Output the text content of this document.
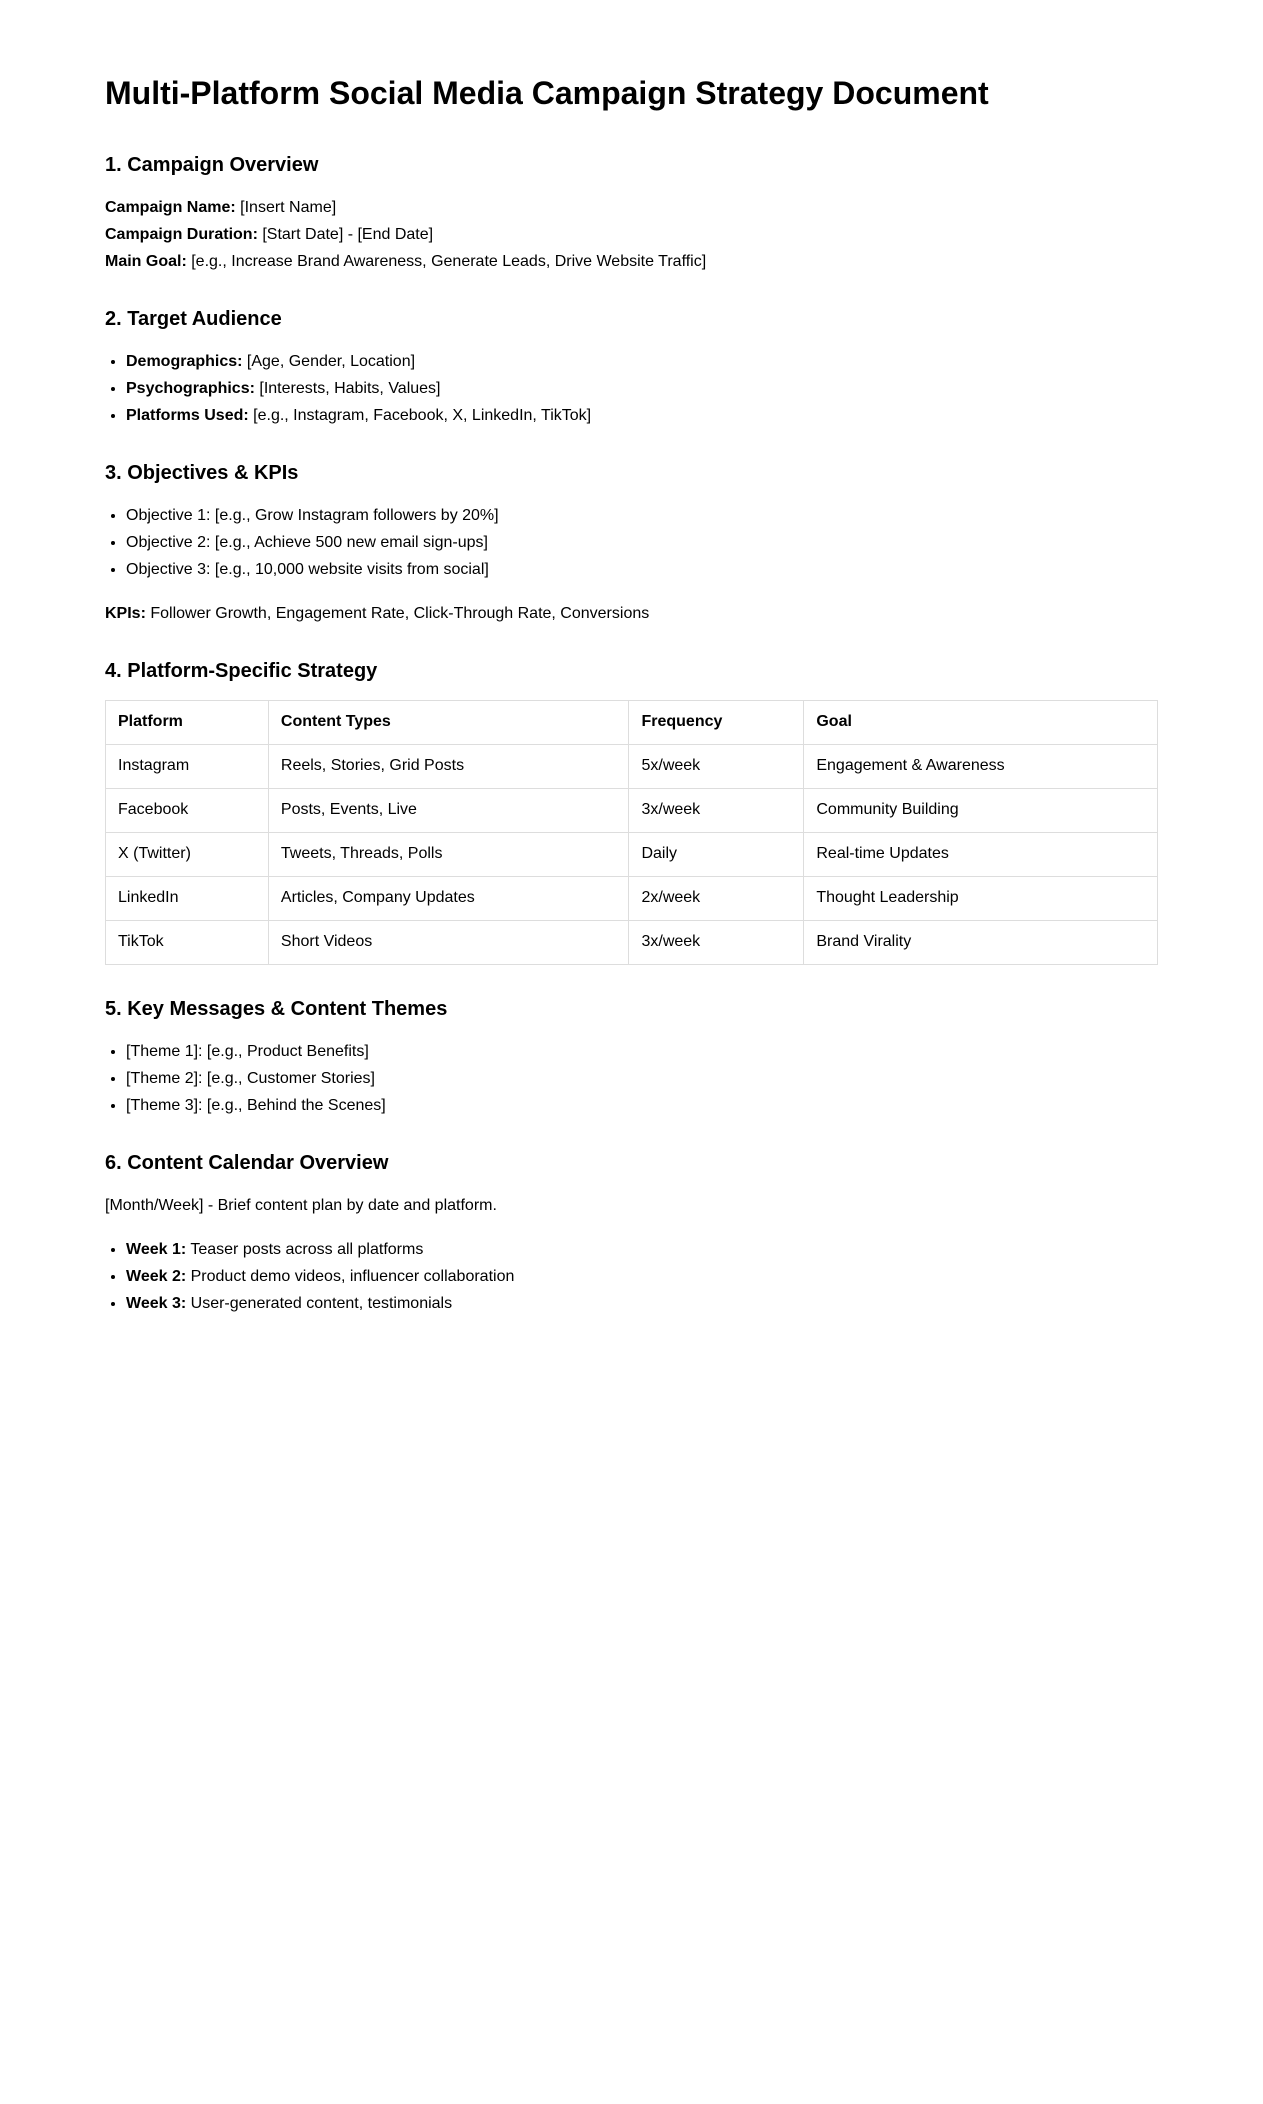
Multi-Platform Social Media Campaign Strategy Document
1. Campaign Overview

Campaign Name: [Insert Name]
Campaign Duration: [Start Date] - [End Date]
Main Goal: [e.g., Increase Brand Awareness, Generate Leads, Drive Website Traffic]

2. Target Audience
• Demographics: [Age, Gender, Location]
• Psychographics: [Interests, Habits, Values]
• Platforms Used: [e.g., Instagram, Facebook, X, LinkedIn, TikTok]
3. Objectives & KPIs
• Objective 1: [e.g., Grow Instagram followers by 20%]
• Objective 2: [e.g., Achieve 500 new email sign-ups]
• Objective 3: [e.g., 10,000 website visits from social]

KPIs: Follower Growth, Engagement Rate, Click-Through Rate, Conversions

4. Platform-Specific Strategy
Platform	Content Types	Frequency	Goal
Instagram	Reels, Stories, Grid Posts	5x/week	Engagement & Awareness
Facebook	Posts, Events, Live	3x/week	Community Building
X (Twitter)	Tweets, Threads, Polls	Daily	Real-time Updates
LinkedIn	Articles, Company Updates	2x/week	Thought Leadership
TikTok	Short Videos	3x/week	Brand Virality
5. Key Messages & Content Themes
• [Theme 1]: [e.g., Product Benefits]
• [Theme 2]: [e.g., Customer Stories]
• [Theme 3]: [e.g., Behind the Scenes]
6. Content Calendar Overview

[Month/Week] - Brief content plan by date and platform.

• Week 1: Teaser posts across all platforms
• Week 2: Product demo videos, influencer collaboration
• Week 3: User-generated content, testimonials
